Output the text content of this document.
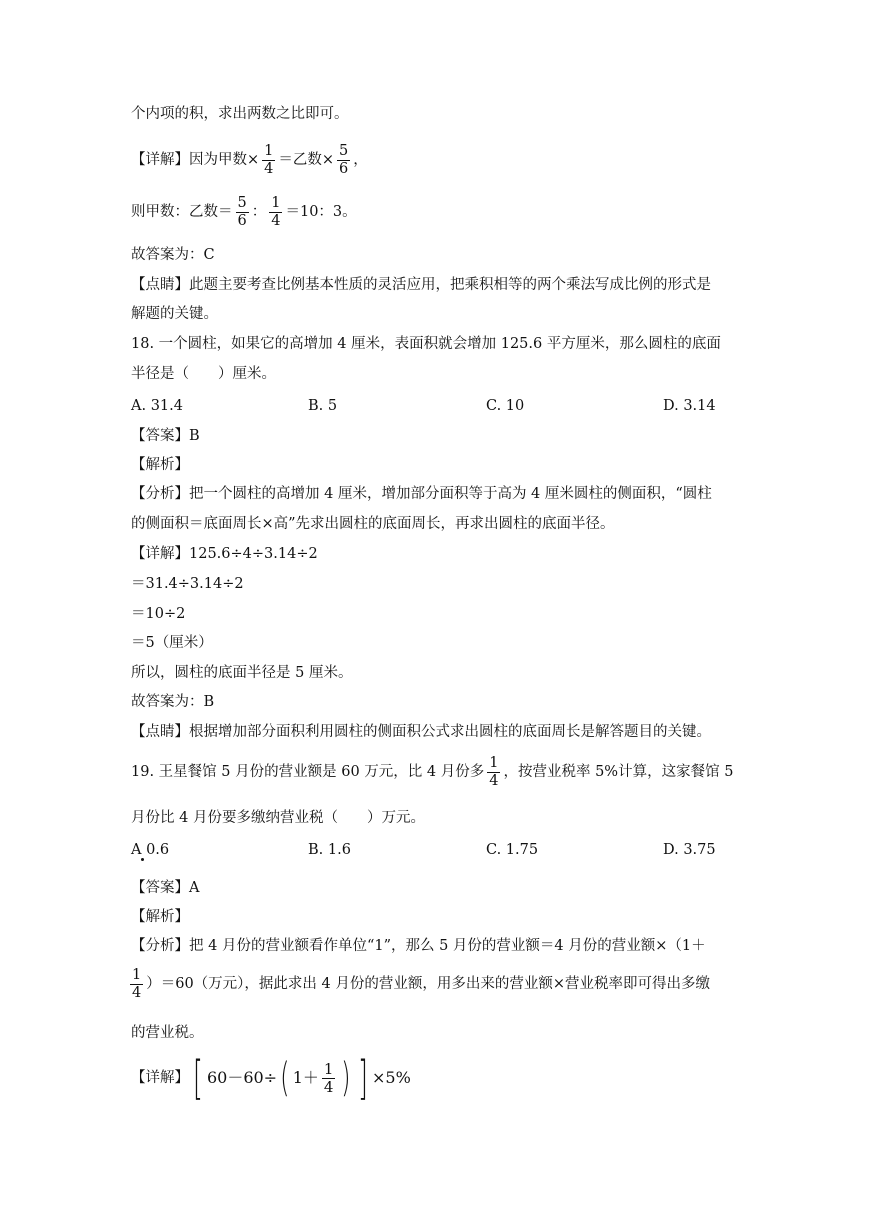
个内项的积，求出两数之比即可。
【详解】因为甲数× $\frac{1}{4}$ ＝乙数× $\frac{5}{6}$ ，
则甲数：乙数＝ $\frac{5}{6}$ ： $\frac{1}{4} =10$：3。
故答案为：C
【点睛】此题主要考查比例基本性质的灵活应用，把乘积相等的两个乘法写成比例的形式是
解题的关键。
18. 一个圆柱，如果它的高增加 4 厘米，表面积就会增加 125.6 平方厘米，那么圆柱的底面
半径是（　　）厘米。
A. 31.4	B. 5	C. 10	D. 3.14
【答案】B
【解析】
【分析】把一个圆柱的高增加 4 厘米，增加部分面积等于高为 4 厘米圆柱的侧面积，“圆柱
的侧面积＝底面周长×高”先求出圆柱的底面周长，再求出圆柱的底面半径。
【详解】125.6÷4÷3.14÷2
＝31.4÷3.14÷2
＝10÷2
＝5（厘米）
所以，圆柱的底面半径是 5 厘米。
故答案为：B
【点睛】根据增加部分面积利用圆柱的侧面积公式求出圆柱的底面周长是解答题目的关键。
19. 王星餐馆 5 月份的营业额是 60 万元，比 4 月份多 $\frac{1}{4}$ ，按营业税率 5%计算，这家餐馆 5
月份比 4 月份要多缴纳营业税（　　）万元。
A 0.6	B. 1.6	C. 1.75	D. 3.75
【答案】A
【解析】
【分析】把 4 月份的营业额看作单位“1”，那么 5 月份的营业额＝4 月份的营业额×（1＋
$\frac{1}{4} )=60$（万元），据此求出 4 月份的营业额，用多出来的营业额×营业税率即可得出多缴
的营业税。
【详解】[ 60－60÷( $1+ \frac{1}{4}$ ) ] ×5%
